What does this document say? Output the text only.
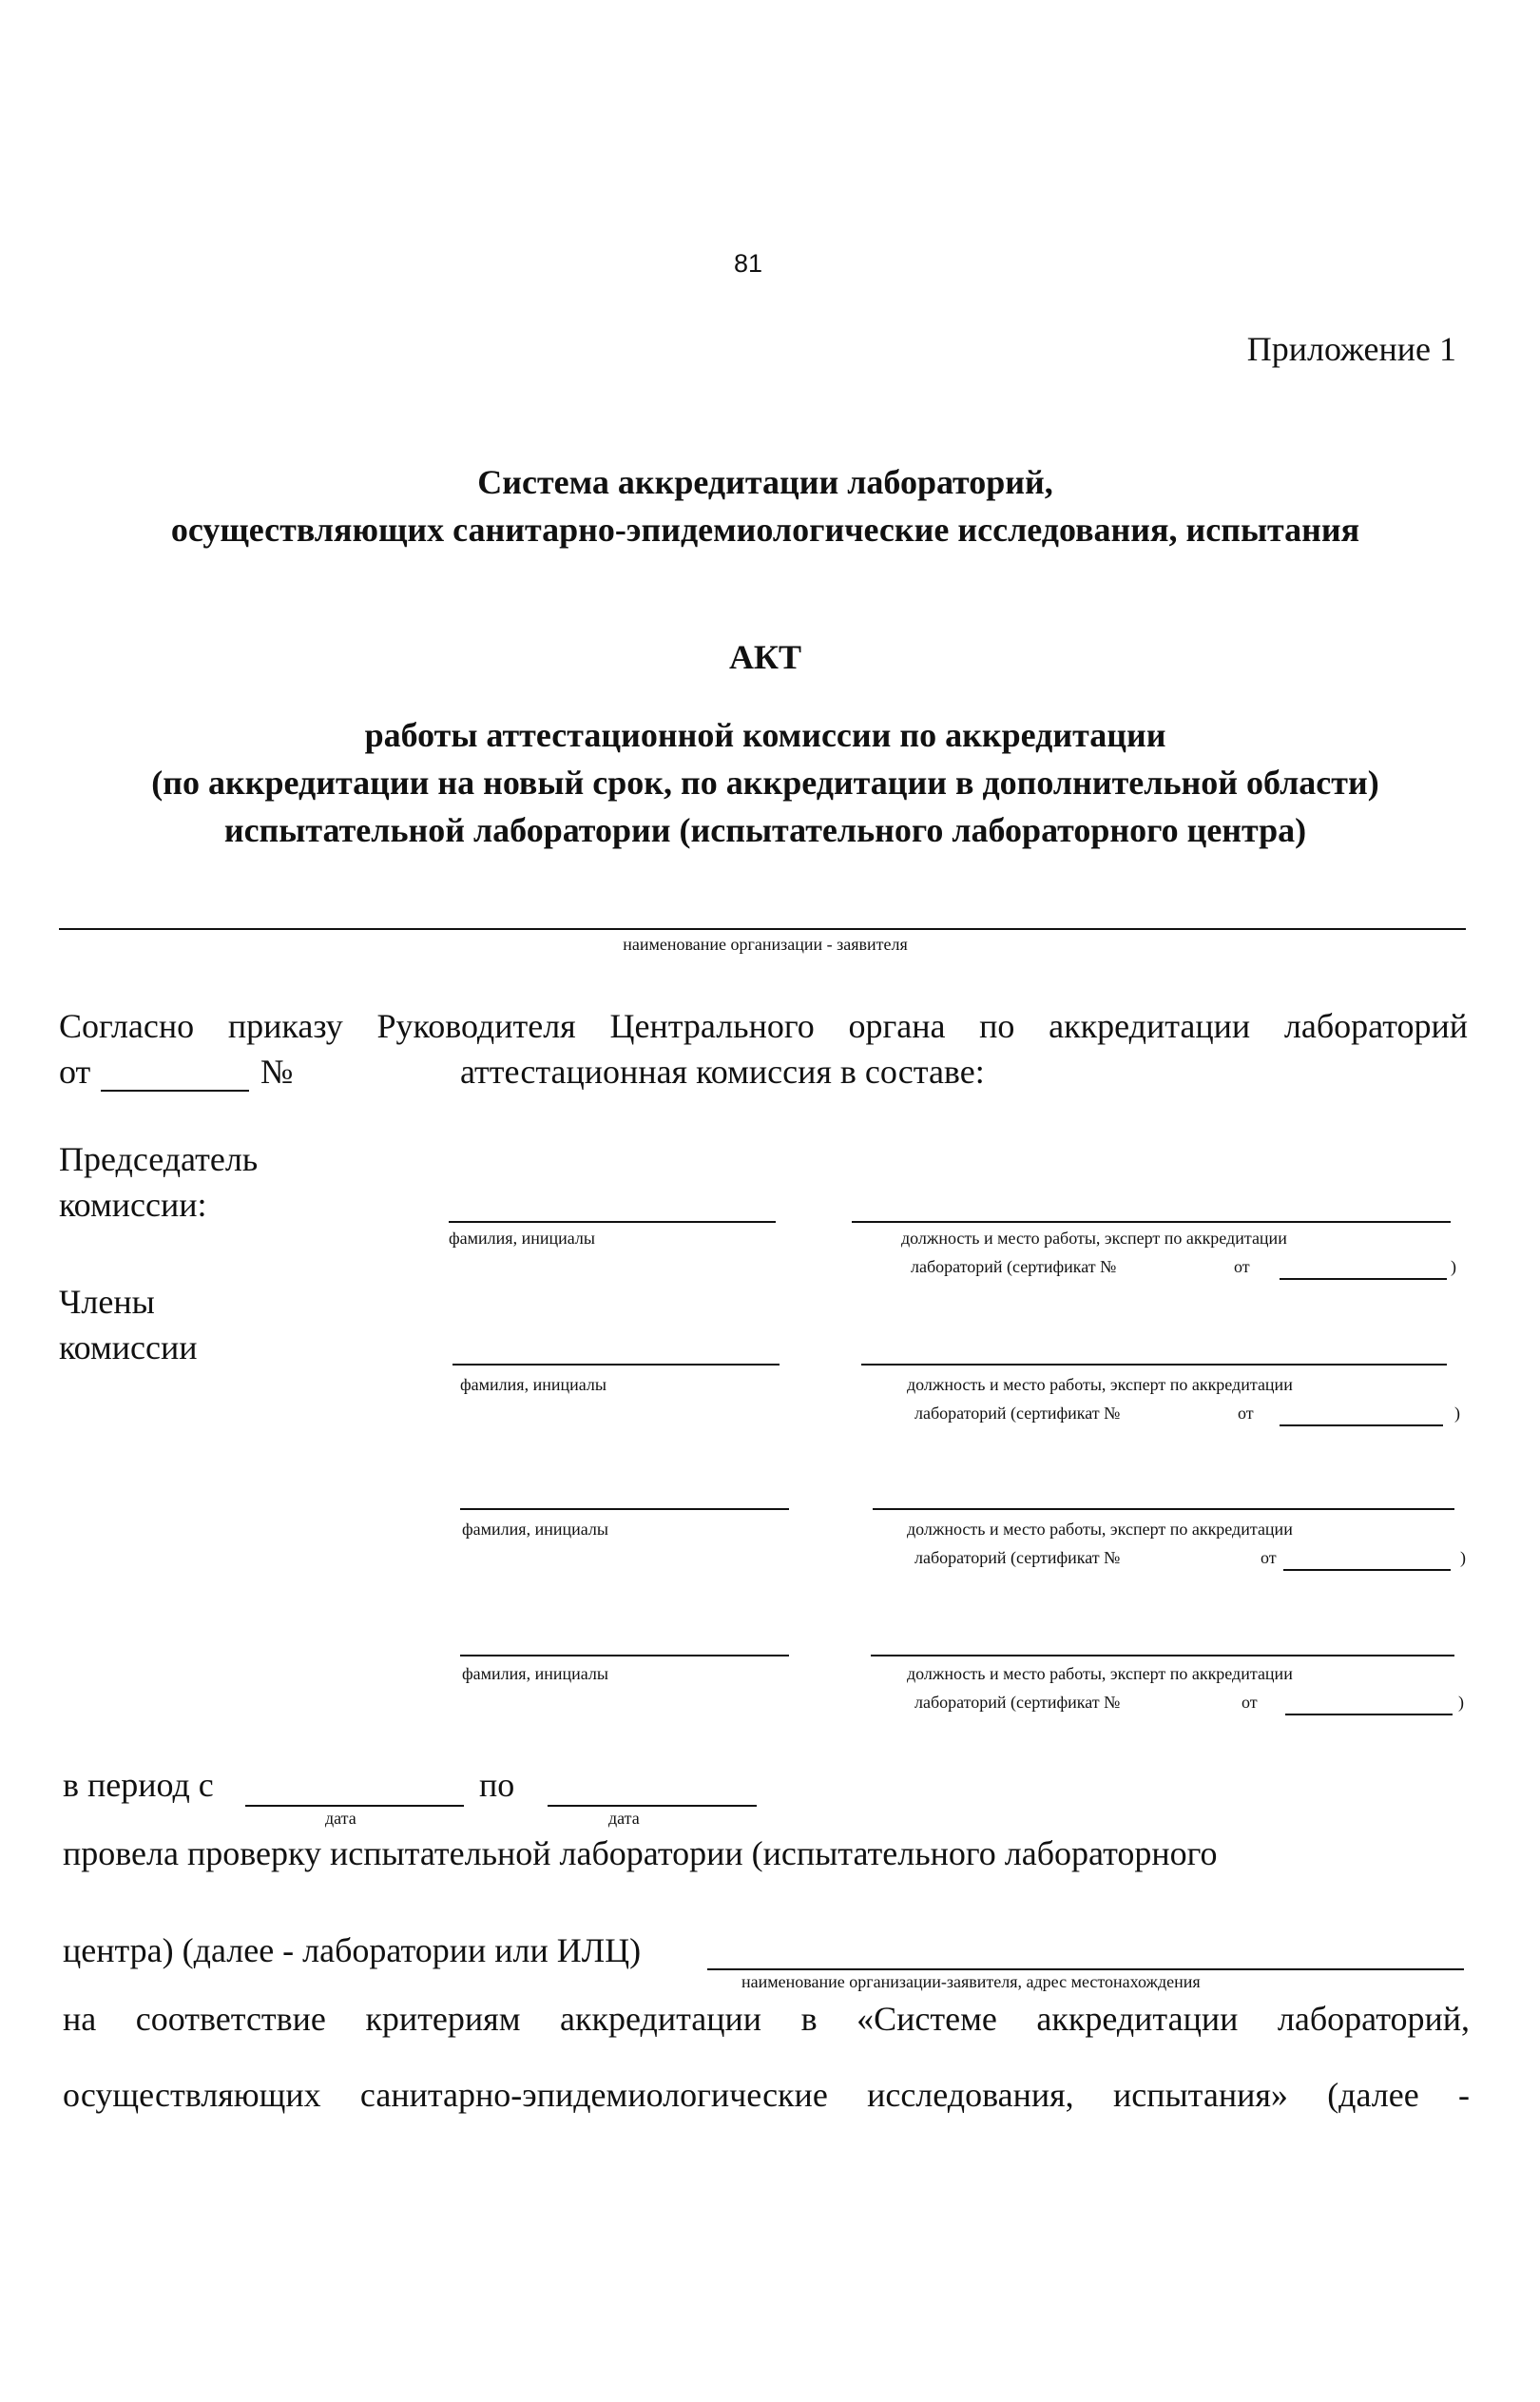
81
Приложение 1
Система аккредитации лабораторий,
осуществляющих санитарно-эпидемиологические исследования, испытания
АКТ
работы аттестационной комиссии по аккредитации
(по аккредитации на новый срок, по аккредитации в дополнительной области)
испытательной лаборатории (испытательного лабораторного центра)
наименование организации - заявителя
Согласно приказу Руководителя Центрального органа по аккредитации лабораторий
от	№	аттестационная комиссия в составе:
Председатель
комиссии:
фамилия, инициалы	должность и место работы, эксперт по аккредитации
лабораторий (сертификат №	от	)
Члены
комиссии
фамилия, инициалы	должность и место работы, эксперт по аккредитации
лабораторий (сертификат №	от	)
фамилия, инициалы	должность и место работы, эксперт по аккредитации
лабораторий (сертификат №	от	)
фамилия, инициалы	должность и место работы, эксперт по аккредитации
лабораторий (сертификат №	от	)
в период с
дата
по
дата
провела проверку испытательной лаборатории (испытательного лабораторного
центра) (далее - лаборатории или ИЛЦ)
наименование организации-заявителя, адрес местонахождения
на соответствие критериям аккредитации в «Системе аккредитации лабораторий,
осуществляющих санитарно-эпидемиологические исследования, испытания» (далее -
